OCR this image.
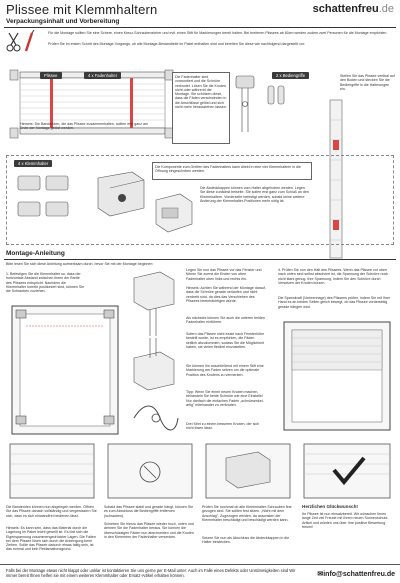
Plissee mit Klemmhaltern	schattenfreu.de
Verpackungsinhalt und Vorbereitung
Für die Montage sollten Sie eine Schere, einen Kreuz-Schraubenzieher und evtl. einen Stift für Markierungen bereit halten. Bei breiteren Plissees ab 80cm werden zudem zwei Personen für die Montage empfohlen.
Prüfen Sie im ersten Schritt des Montage-Vorgangs, ob alle Montage-Bestandteile im Paket enthalten sind und bereiten Sie diese wie nachfolgend dargestellt vor:
Plissee	4 x Fadenhalter
Hinweis: Die Banderolen, die das Plissee zusammenhalten, sollten erst ganz am Ende der Montage gelöst werden.
Die Fadenhalter sind vormontiert und die Schnüre verknotet. Lösen Sie die Knoten nicht oder während der Montage. Sie schützen diese, dass die Fäden verschwinden in die Anschlüsse gelöst und sich nicht mehr herausziehen lassen.
2 x Bediengriffe	Stellen Sie das Plissee vertikal auf den Boden und stecken Sie die Bediengriffe in die Halterungen ein.
4 x Klemmhalter
Die Komponente zum Greifen des Fadenhalters kann direkt in eine vier Klemmhaltern in die Öffnung eingeschoben werden.
Die Abdeckkappen können vom Halter abgehoben werden. Legen Sie diese zunächst beiseite. Sie sollen erst ganz zum Schluß an den Klemmhaltern. Vorderseite befestigt werden, sobald keine weitere Änderung der Klemmhalter-Positionen mehr nötig ist.
Montage-Anleitung
Bitte lesen Sie sich diese Anleitung aufmerksam durch, bevor Sie mit der Montage beginnen:
1. Befestigen Sie die Klemmhalter so, dass der horizontale Abstand zwischen ihnen der Breite des Plissees entspricht. Nachdem die Klemmhalter korrekt positioniert sind, können Sie die Schrauben zuziehen.
Legen Sie nun das Plissee vor das Fenster und führen Sie zuerst die Enden von oben Fadenhalter oben links und rechts ein.
Hinweis: Achten Sie während der Montage darauf, dass die Schnüre gerade verlaufen und nicht verdreht sind, da dies das Verschieben des Plissees beeinträchtigen würde.
Als nächstes können Sie auch die unteren beiden Fadenhalter einführen.
Sofern das Plissee nicht exakt nach Fensterhöhe bestellt wurde, ist es empfohlen, die Fäden seitlich abzukommen, sodass Sie die Möglichkeit haben, sie vielen flexibel einzustellen.
Sie können ihn anschließend mit einem Stift eine Markierung am Faden setzen um die optimale Position des Knotens zu vermerken.
Tipp: Wenn Sie einen neuen Knoten machen, behandeln Sie beide Schnüre wie eine Einstelle/ Nur dreifach die einfachen Faden „schnürsenkel-artig" miteinander zu verknoten.
Drei führt zu einem besseren Knoten, der sich nicht lösen lässt.
4. Prüfen Sie nun den Halt des Plissees. Wenn das Plissee vor oben nach unten sind selbst absolviert ist, die Spannung der Schnüre noch nicht stark genug. Ihre Spannung. Indem Sie den Schnüre durch Versetzen der Knoten kürzen.
Die Spannkraft (Vorbrennage) des Plissees prüfen, indem Sie mit Ihrer Hand es an beiden Seiten gleich bewegt, ob das Plissee vorderseitig gerade hängen wird.
Die Banderolen können nun abgelegen werden. Öffnen Sie das Plissee danach vollständig und vergewissern Sie sich, dass es sich einwandfrei bedienen lässt.
Hinweis: Es kann sein, dass das Material durch die Lagerung im Paket leicht gewellt ist. Es löst sich die Eigenspannung zusammengedrückter Lagen. Die Falten bei dem Plissee lösen sich durch die Anbringung beim Ziehen. Sollte das Plissee dadurch etwas faltig sein, ist das normal und kein Reklamationsgrund.
Sobald das Plissee stabil und gerade hängt, können Sie es zum Abschluss die Bediengriffe entfernen (schrauben).
Schieben Sie hierzu das Plissee wieder hoch, unten und dehnen Sie die Fadenhalter heraus. Sie können die überschüssigen Fäden nun abschneiden und die Knoten in den Klemmern der Fadenhalter versenken.
Prüfen Sie nochmal ob alle Klemmhalter-Schrauben fest gezogen sind. Sie sollten fest sitzen. „Nicht mit dem Anschlag". Zugezogen werden, da ansonsten der Klemmhalter beschädigt und beschädigt werden kann.
Setzen Sie nun als Abschluss die Abdeckkappen in die Halter einstecken.
Herzlichen Glückwunsch!
Ihr Plissee ist nun einsatzbereit. Wir wünschen Ihnen lange Zeit viel Freude mit Ihrem neuen Sonnenschutz-Artikel und würden uns über Ihre positive Bewertung freuen!
Falls bei der Montage etwas nicht klappt oder unklar ist kontaktieren Sie uns gerne per E-Mail unter: Auch im Falle eines Defekts oder Unstimmigkeiten sind Wir immer bereit Ihnen helfen sie mit einem weiteren Klemmhalter oder Ersatz-Artikel erhalten können.	✉info@schattenfreu.de
